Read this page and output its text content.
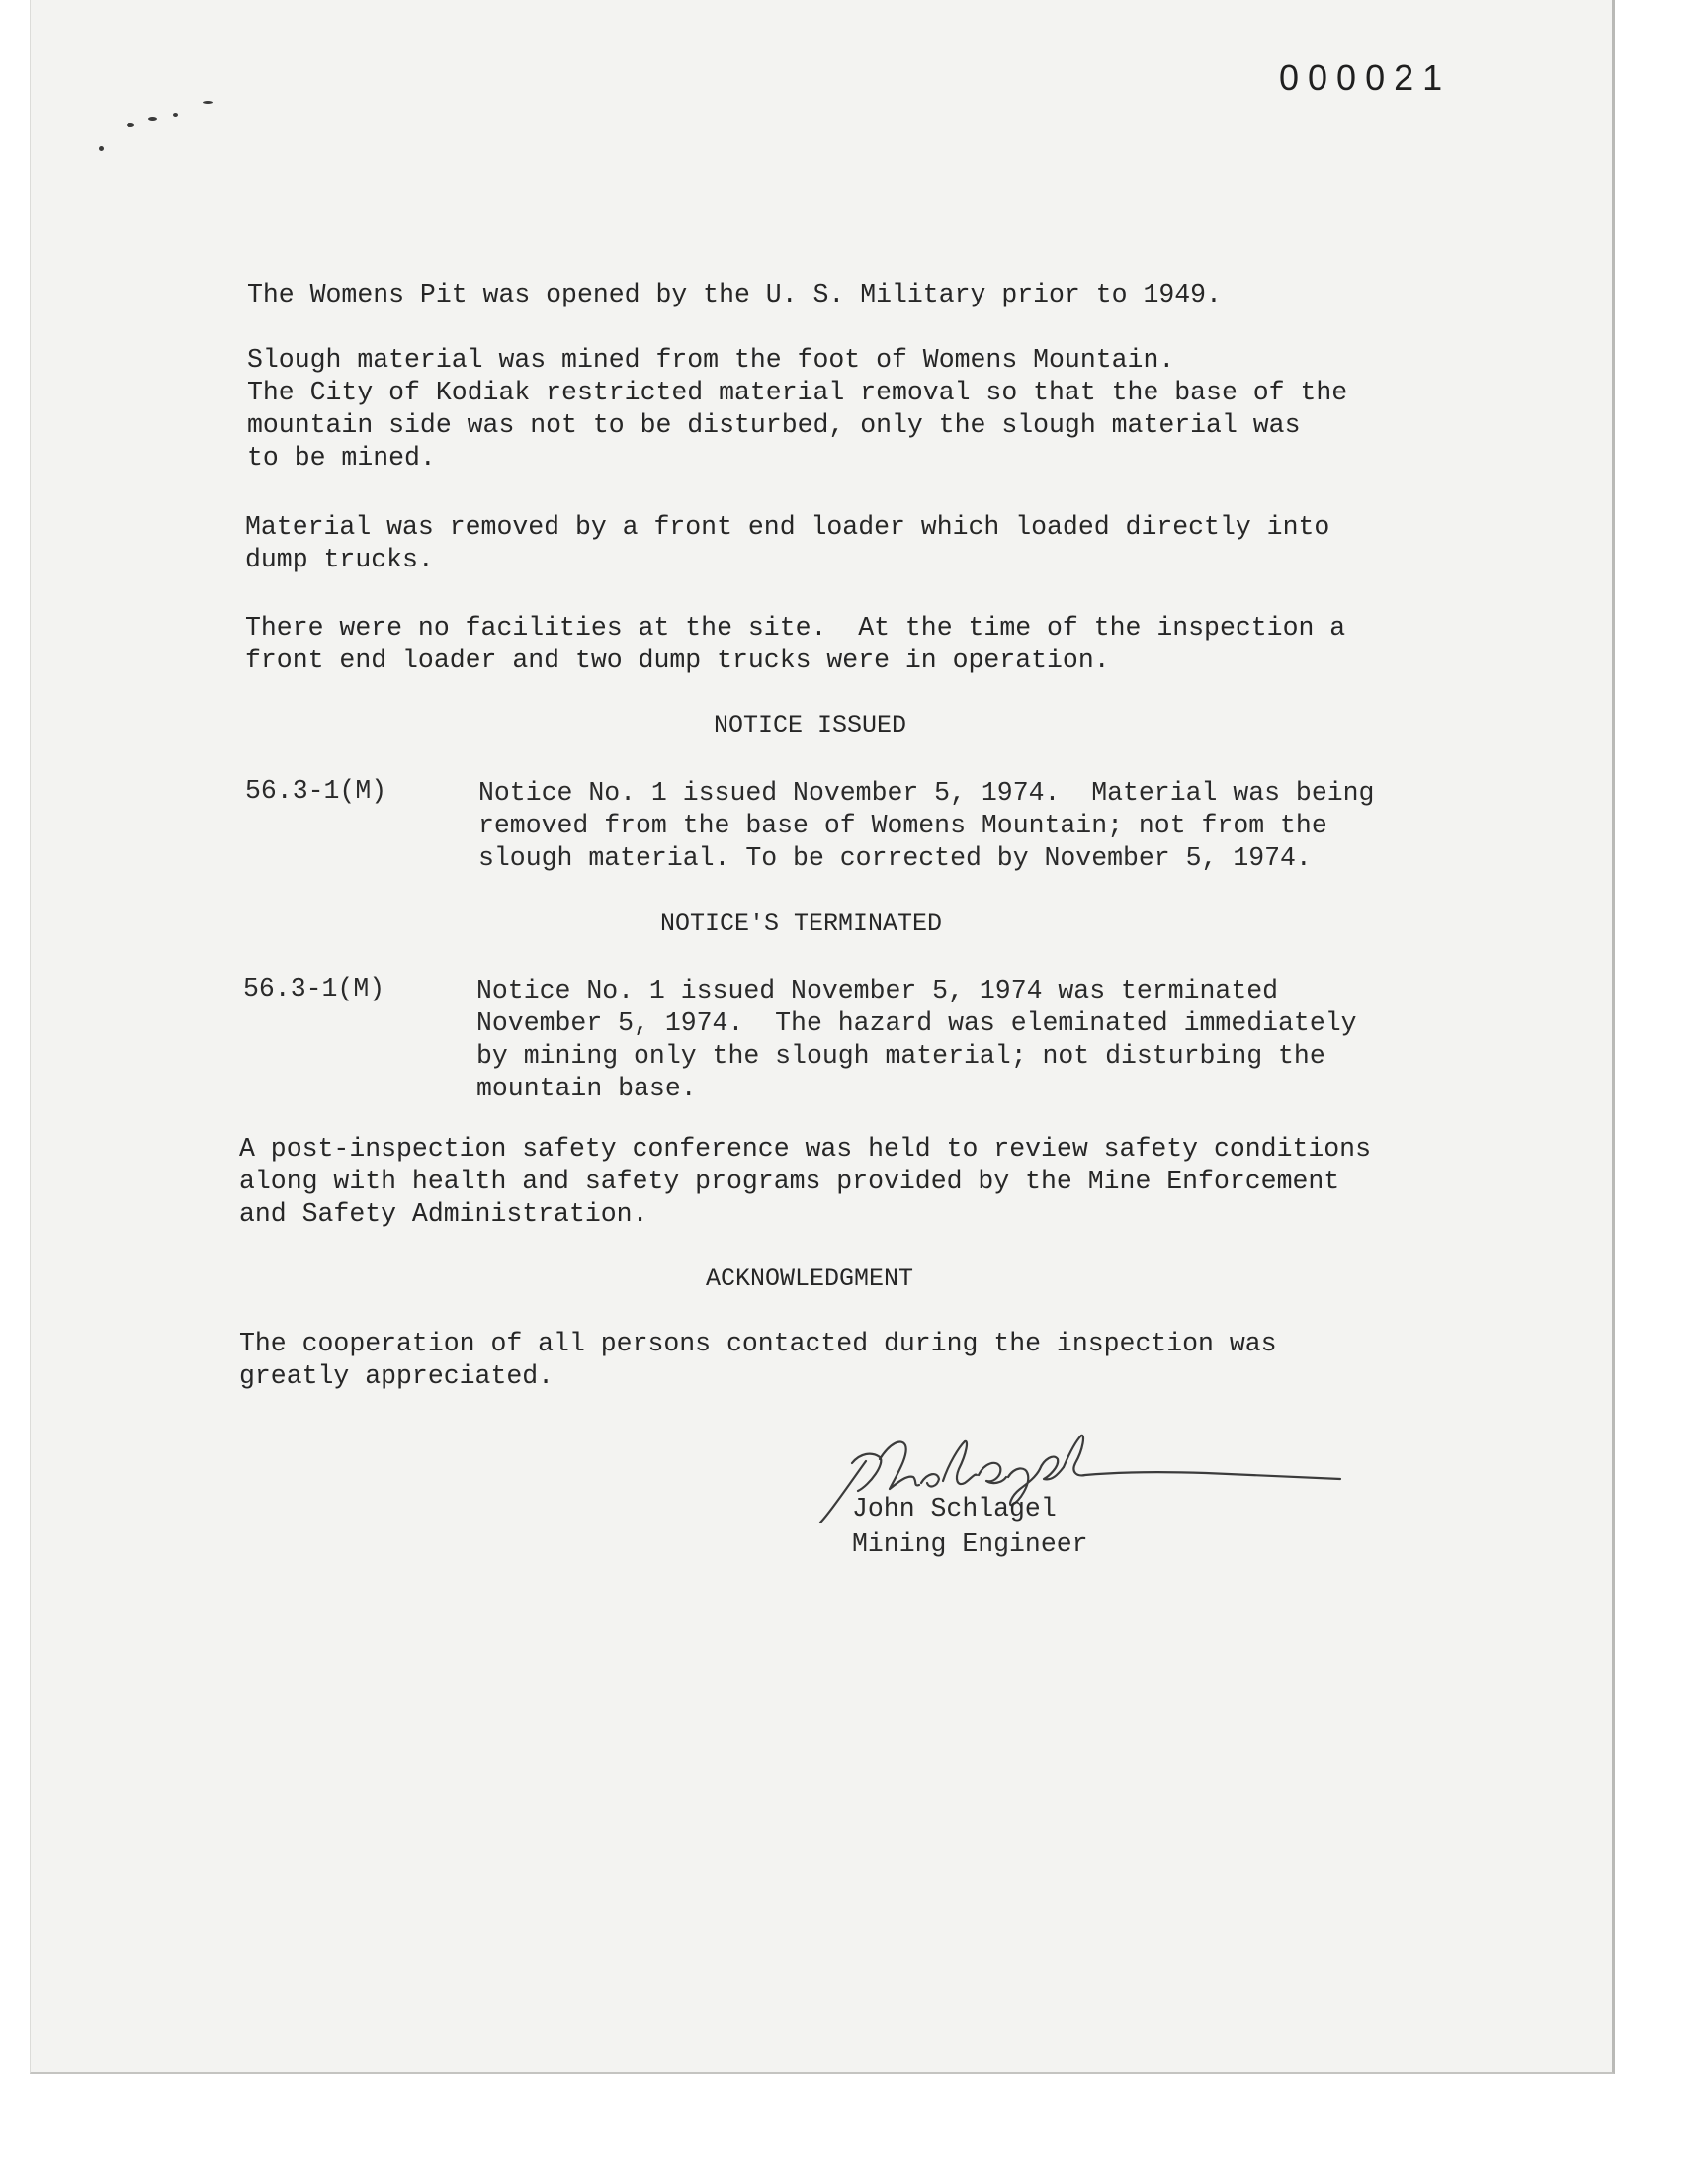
000021

The Womens Pit was opened by the U. S. Military prior to 1949.

Slough material was mined from the foot of Womens Mountain.

The City of Kodiak restricted material removal so that the base of the

mountain side was not to be disturbed, only the slough material was

to be mined.

Material was removed by a front end loader which loaded directly into

dump trucks.

There were no facilities at the site.  At the time of the inspection a

front end loader and two dump trucks were in operation.

NOTICE ISSUED

56.3-1(M)	Notice No. 1 issued November 5, 1974.  Material was being

removed from the base of Womens Mountain; not from the

slough material. To be corrected by November 5, 1974.

NOTICE'S TERMINATED

56.3-1(M)	Notice No. 1 issued November 5, 1974 was terminated

November 5, 1974.  The hazard was eleminated immediately

by mining only the slough material; not disturbing the

mountain base.

A post-inspection safety conference was held to review safety conditions

along with health and safety programs provided by the Mine Enforcement

and Safety Administration.

ACKNOWLEDGMENT

The cooperation of all persons contacted during the inspection was

greatly appreciated.

John Schlagel

Mining Engineer
